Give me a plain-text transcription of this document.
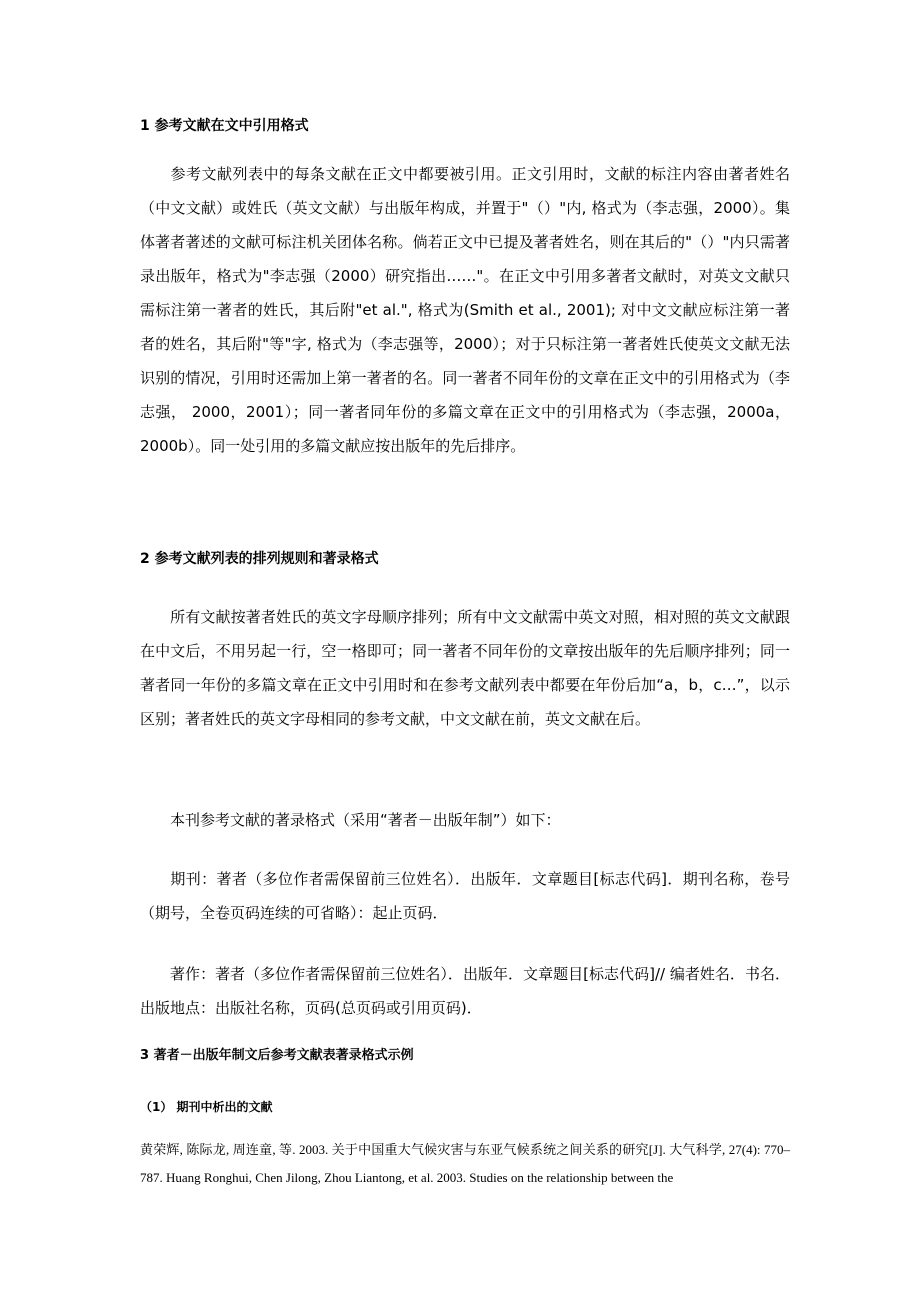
1 参考文献在文中引用格式
参考文献列表中的每条文献在正文中都要被引用。正文引用时，文献的标注内容由著者姓名（中文文献）或姓氏（英文文献）与出版年构成，并置于"（）"内, 格式为（李志强，2000）。集体著者著述的文献可标注机关团体名称。倘若正文中已提及著者姓名，则在其后的"（）"内只需著录出版年，格式为"李志强（2000）研究指出……"。在正文中引用多著者文献时，对英文文献只需标注第一著者的姓氏，其后附"et al.", 格式为(Smith et al., 2001); 对中文文献应标注第一著者的姓名，其后附"等"字, 格式为（李志强等，2000）；对于只标注第一著者姓氏使英文文献无法识别的情况，引用时还需加上第一著者的名。同一著者不同年份的文章在正文中的引用格式为（李志强， 2000，2001）；同一著者同年份的多篇文章在正文中的引用格式为（李志强，2000a，2000b）。同一处引用的多篇文献应按出版年的先后排序。
2 参考文献列表的排列规则和著录格式
所有文献按著者姓氏的英文字母顺序排列；所有中文文献需中英文对照，相对照的英文文献跟在中文后，不用另起一行，空一格即可；同一著者不同年份的文章按出版年的先后顺序排列；同一著者同一年份的多篇文章在正文中引用时和在参考文献列表中都要在年份后加“a，b，c…”，以示区别；著者姓氏的英文字母相同的参考文献，中文文献在前，英文文献在后。
本刊参考文献的著录格式（采用“著者－出版年制”）如下：
期刊：著者（多位作者需保留前三位姓名）．出版年．文章题目[标志代码]．期刊名称，卷号（期号，全卷页码连续的可省略）：起止页码．
著作：著者（多位作者需保留前三位姓名）．出版年．文章题目[标志代码]// 编者姓名．书名．出版地点：出版社名称，页码(总页码或引用页码)．
3 著者－出版年制文后参考文献表著录格式示例
（1） 期刊中析出的文献
黄荣辉, 陈际龙, 周连童, 等. 2003. 关于中国重大气候灾害与东亚气候系统之间关系的研究[J]. 大气科学, 27(4): 770–787. Huang Ronghui, Chen Jilong, Zhou Liantong, et al. 2003. Studies on the relationship between the
